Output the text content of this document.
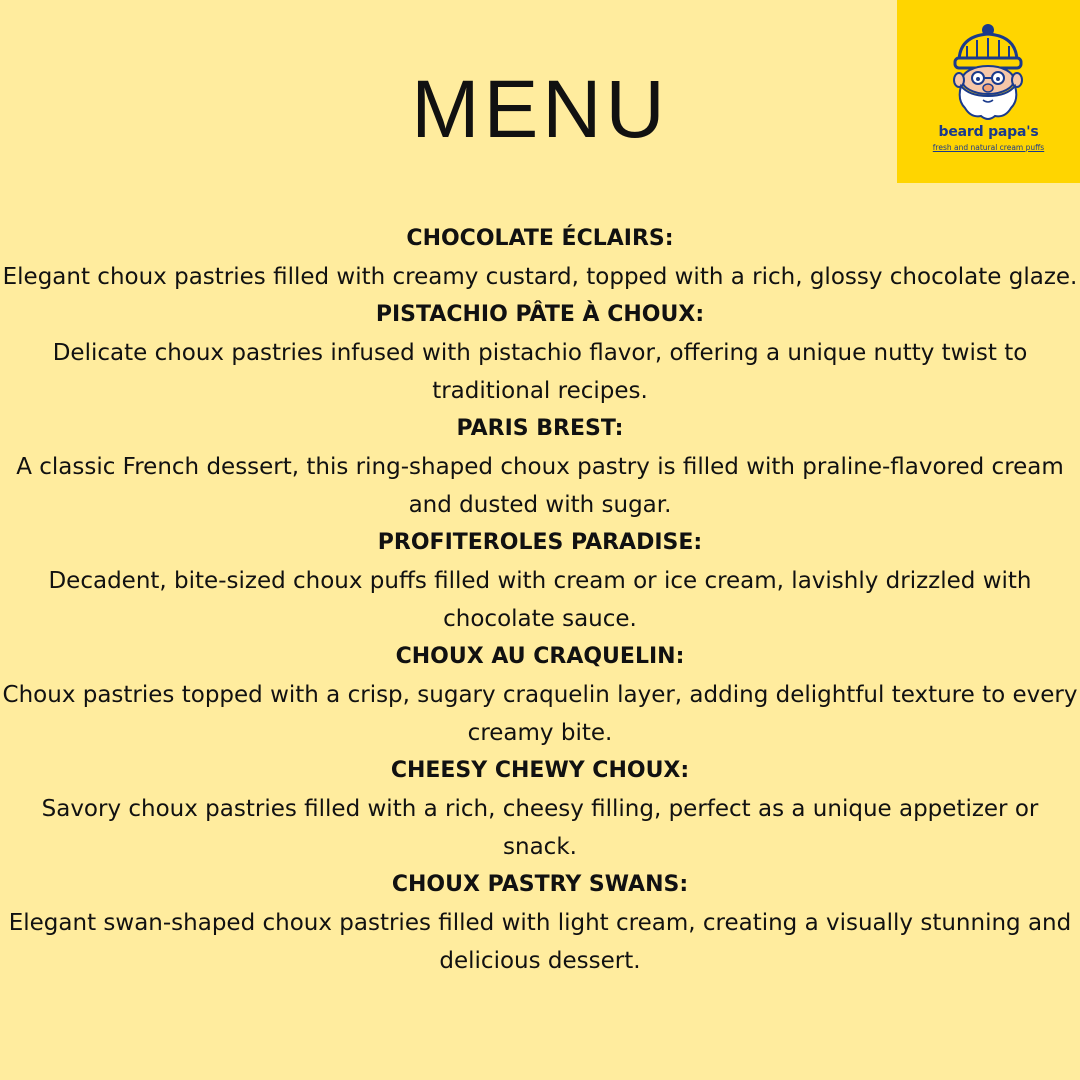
MENU	beard papa's
fresh and natural cream puffs
CHOCOLATE ÉCLAIRS:
Elegant choux pastries filled with creamy custard, topped with a rich, glossy chocolate glaze.
PISTACHIO PÂTE À CHOUX:
Delicate choux pastries infused with pistachio flavor, offering a unique nutty twist to traditional recipes.
PARIS BREST:
A classic French dessert, this ring-shaped choux pastry is filled with praline-flavored cream and dusted with sugar.
PROFITEROLES PARADISE:
Decadent, bite-sized choux puffs filled with cream or ice cream, lavishly drizzled with chocolate sauce.
CHOUX AU CRAQUELIN:
Choux pastries topped with a crisp, sugary craquelin layer, adding delightful texture to every creamy bite.
CHEESY CHEWY CHOUX:
Savory choux pastries filled with a rich, cheesy filling, perfect as a unique appetizer or snack.
CHOUX PASTRY SWANS:
Elegant swan-shaped choux pastries filled with light cream, creating a visually stunning and delicious dessert.
